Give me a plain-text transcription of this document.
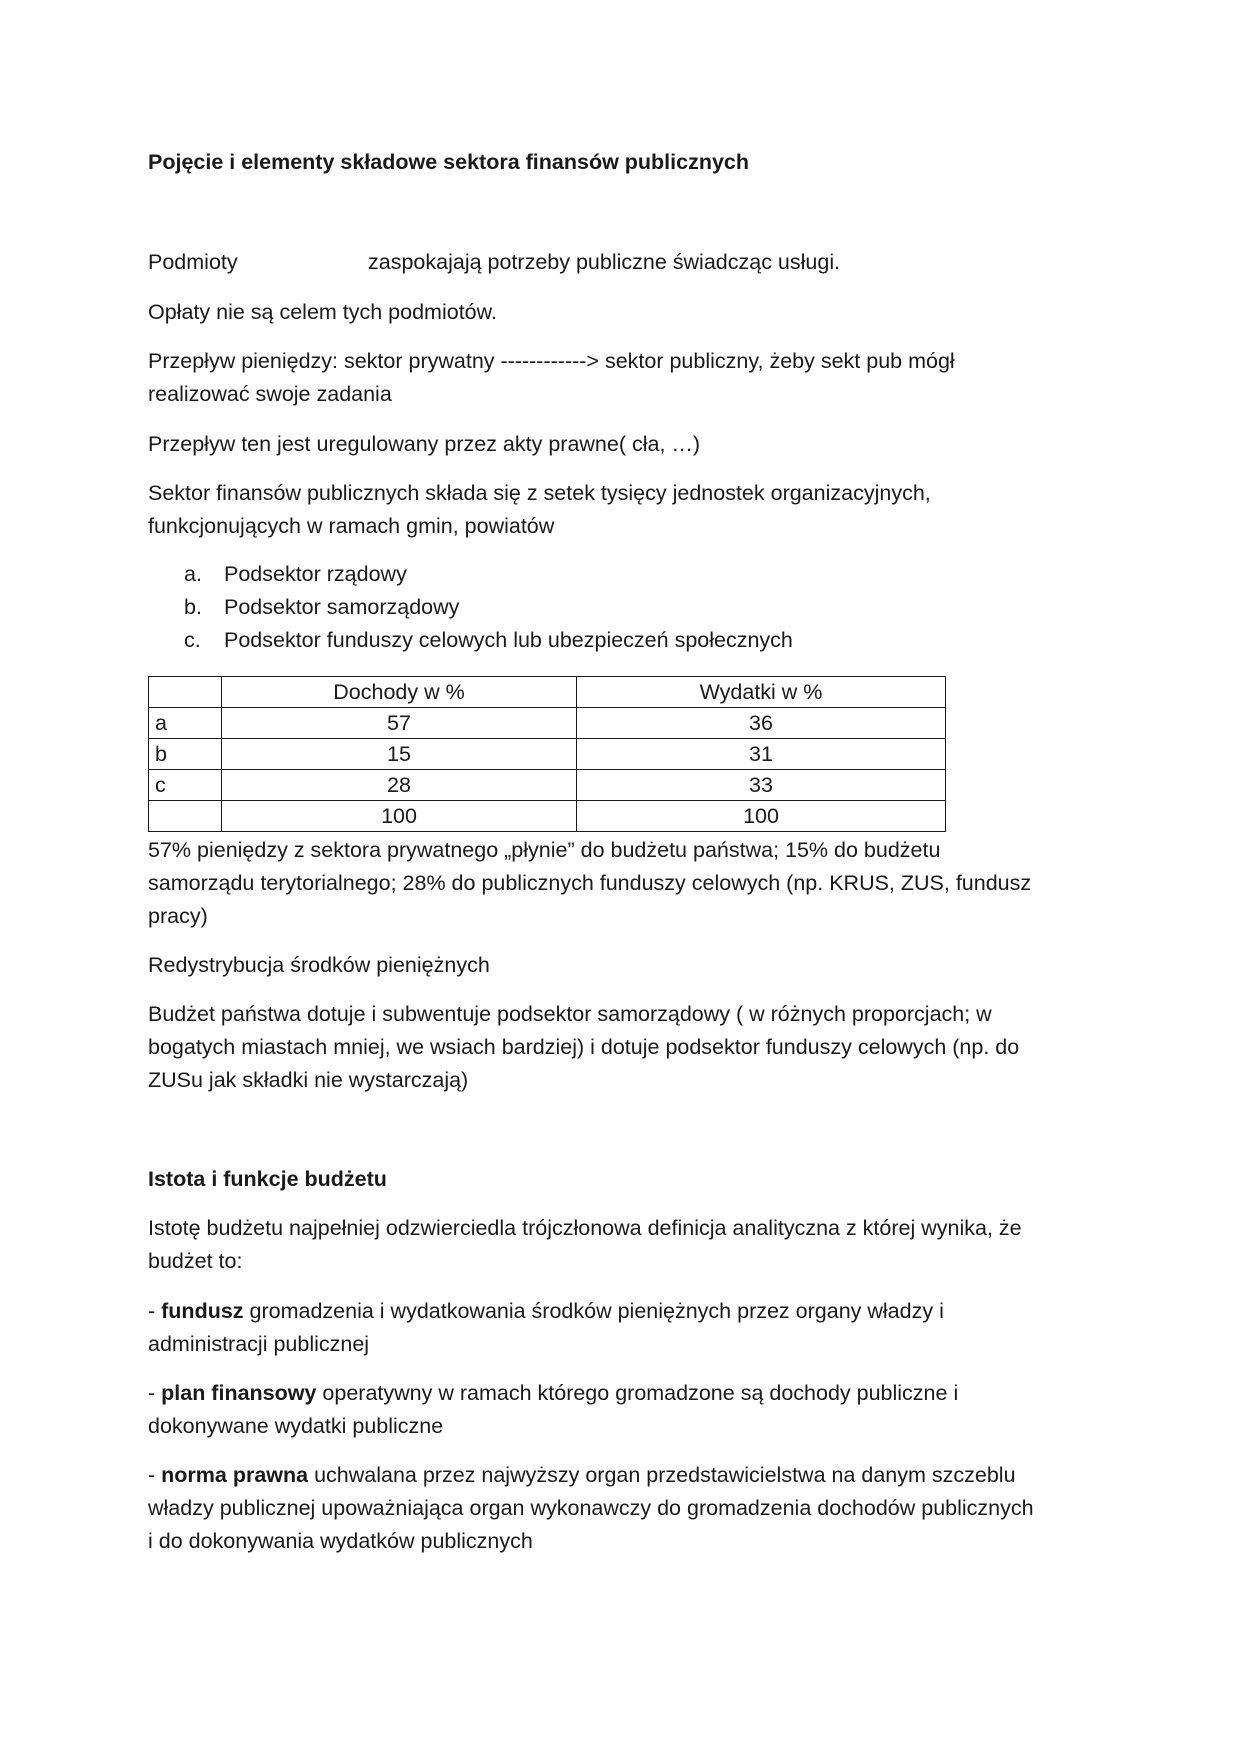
Pojęcie i elementy składowe sektora finansów publicznych

Podmioty	zaspokajają potrzeby publiczne świadcząc usługi.

Opłaty nie są celem tych podmiotów.

Przepływ pieniędzy: sektor prywatny ------------> sektor publiczny, żeby sekt pub mógł
realizować swoje zadania

Przepływ ten jest uregulowany przez akty prawne( cła, …)

Sektor finansów publicznych składa się z setek tysięcy jednostek organizacyjnych,
funkcjonujących w ramach gmin, powiatów
a. Podsektor rządowy
b. Podsektor samorządowy
c. Podsektor funduszy celowych lub ubezpieczeń społecznych
	Dochody w %	Wydatki w %
a	57	36
b	15	31
c	28	33
	100	100
57% pieniędzy z sektora prywatnego „płynie” do budżetu państwa; 15% do budżetu
samorządu terytorialnego; 28% do publicznych funduszy celowych (np. KRUS, ZUS, fundusz
pracy)

Redystrybucja środków pieniężnych

Budżet państwa dotuje i subwentuje podsektor samorządowy ( w różnych proporcjach; w
bogatych miastach mniej, we wsiach bardziej) i dotuje podsektor funduszy celowych (np. do
ZUSu jak składki nie wystarczają)

Istota i funkcje budżetu

Istotę budżetu najpełniej odzwierciedla trójczłonowa definicja analityczna z której wynika, że
budżet to:
- fundusz gromadzenia i wydatkowania środków pieniężnych przez organy władzy i
administracji publicznej
- plan finansowy operatywny w ramach którego gromadzone są dochody publiczne i
dokonywane wydatki publiczne
- norma prawna uchwalana przez najwyższy organ przedstawicielstwa na danym szczeblu
władzy publicznej upoważniająca organ wykonawczy do gromadzenia dochodów publicznych
i do dokonywania wydatków publicznych
